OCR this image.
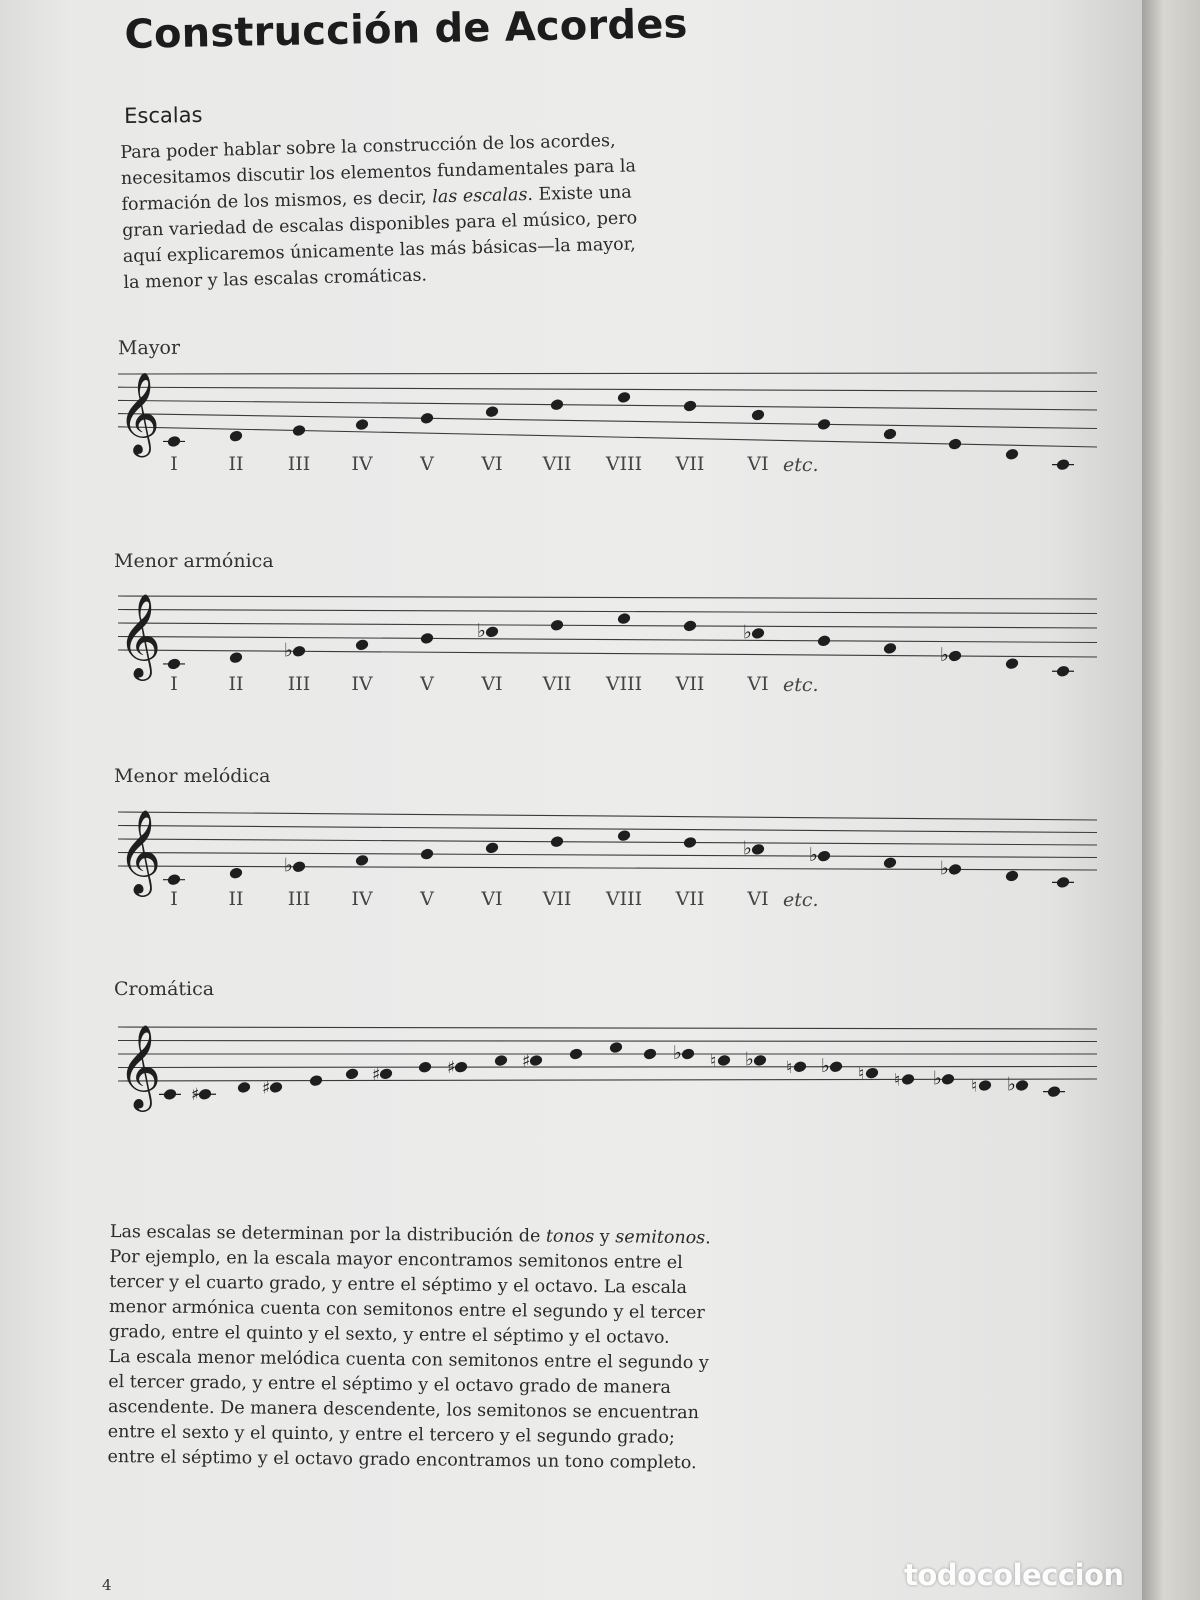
Construcción de Acordes
Escalas
Para poder hablar sobre la construcción de los acordes,
necesitamos discutir los elementos fundamentales para la
formación de los mismos, es decir, las escalas. Existe una
gran variedad de escalas disponibles para el músico, pero
aquí explicaremos únicamente las más básicas—la mayor,
la menor y las escalas cromáticas.
Mayor
Menor armónica
Menor melódica
Cromática
𝄞
𝄞
𝄞
𝄞
♭
♭	♭
♭
♭
♭	♭
♭
♯	♯
♯	♯	♯	♭ ♮ ♭ ♮ ♭ ♮ ♮ ♭ ♮ ♭
I	II III IV	V	VI VII VIII VII VI etc.
I	II III IV	V	VI VII VIII VII VI etc.
I	II III IV	V	VI VII VIII VII VI etc.
Las escalas se determinan por la distribución de tonos y semitonos.
Por ejemplo, en la escala mayor encontramos semitonos entre el
tercer y el cuarto grado, y entre el séptimo y el octavo. La escala
menor armónica cuenta con semitonos entre el segundo y el tercer
grado, entre el quinto y el sexto, y entre el séptimo y el octavo.
La escala menor melódica cuenta con semitonos entre el segundo y
el tercer grado, y entre el séptimo y el octavo grado de manera
ascendente. De manera descendente, los semitonos se encuentran
entre el sexto y el quinto, y entre el tercero y el segundo grado;
entre el séptimo y el octavo grado encontramos un tono completo.
4	todocoleccion
